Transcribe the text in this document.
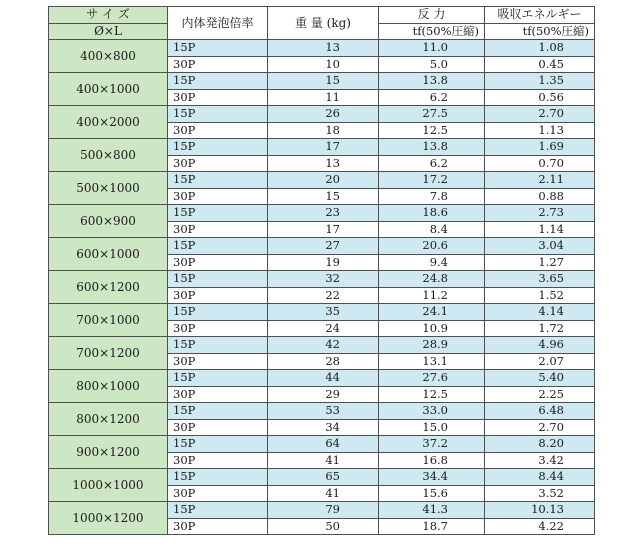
サ イ ズ	内体発泡倍率	重 量 (kg)	反 力	吸収エネルギー
Ø×L			tf(50%圧縮)	tf(50%圧縮)
400×800	15P	13	11.0	1.08
	30P	10	5.0	0.45
400×1000	15P	15	13.8	1.35
	30P	11	6.2	0.56
400×2000	15P	26	27.5	2.70
	30P	18	12.5	1.13
500×800	15P	17	13.8	1.69
	30P	13	6.2	0.70
500×1000	15P	20	17.2	2.11
	30P	15	7.8	0.88
600×900	15P	23	18.6	2.73
	30P	17	8.4	1.14
600×1000	15P	27	20.6	3.04
	30P	19	9.4	1.27
600×1200	15P	32	24.8	3.65
	30P	22	11.2	1.52
700×1000	15P	35	24.1	4.14
	30P	24	10.9	1.72
700×1200	15P	42	28.9	4.96
	30P	28	13.1	2.07
800×1000	15P	44	27.6	5.40
	30P	29	12.5	2.25
800×1200	15P	53	33.0	6.48
	30P	34	15.0	2.70
900×1200	15P	64	37.2	8.20
	30P	41	16.8	3.42
1000×1000	15P	65	34.4	8.44
	30P	41	15.6	3.52
1000×1200	15P	79	41.3	10.13
	30P	50	18.7	4.22
